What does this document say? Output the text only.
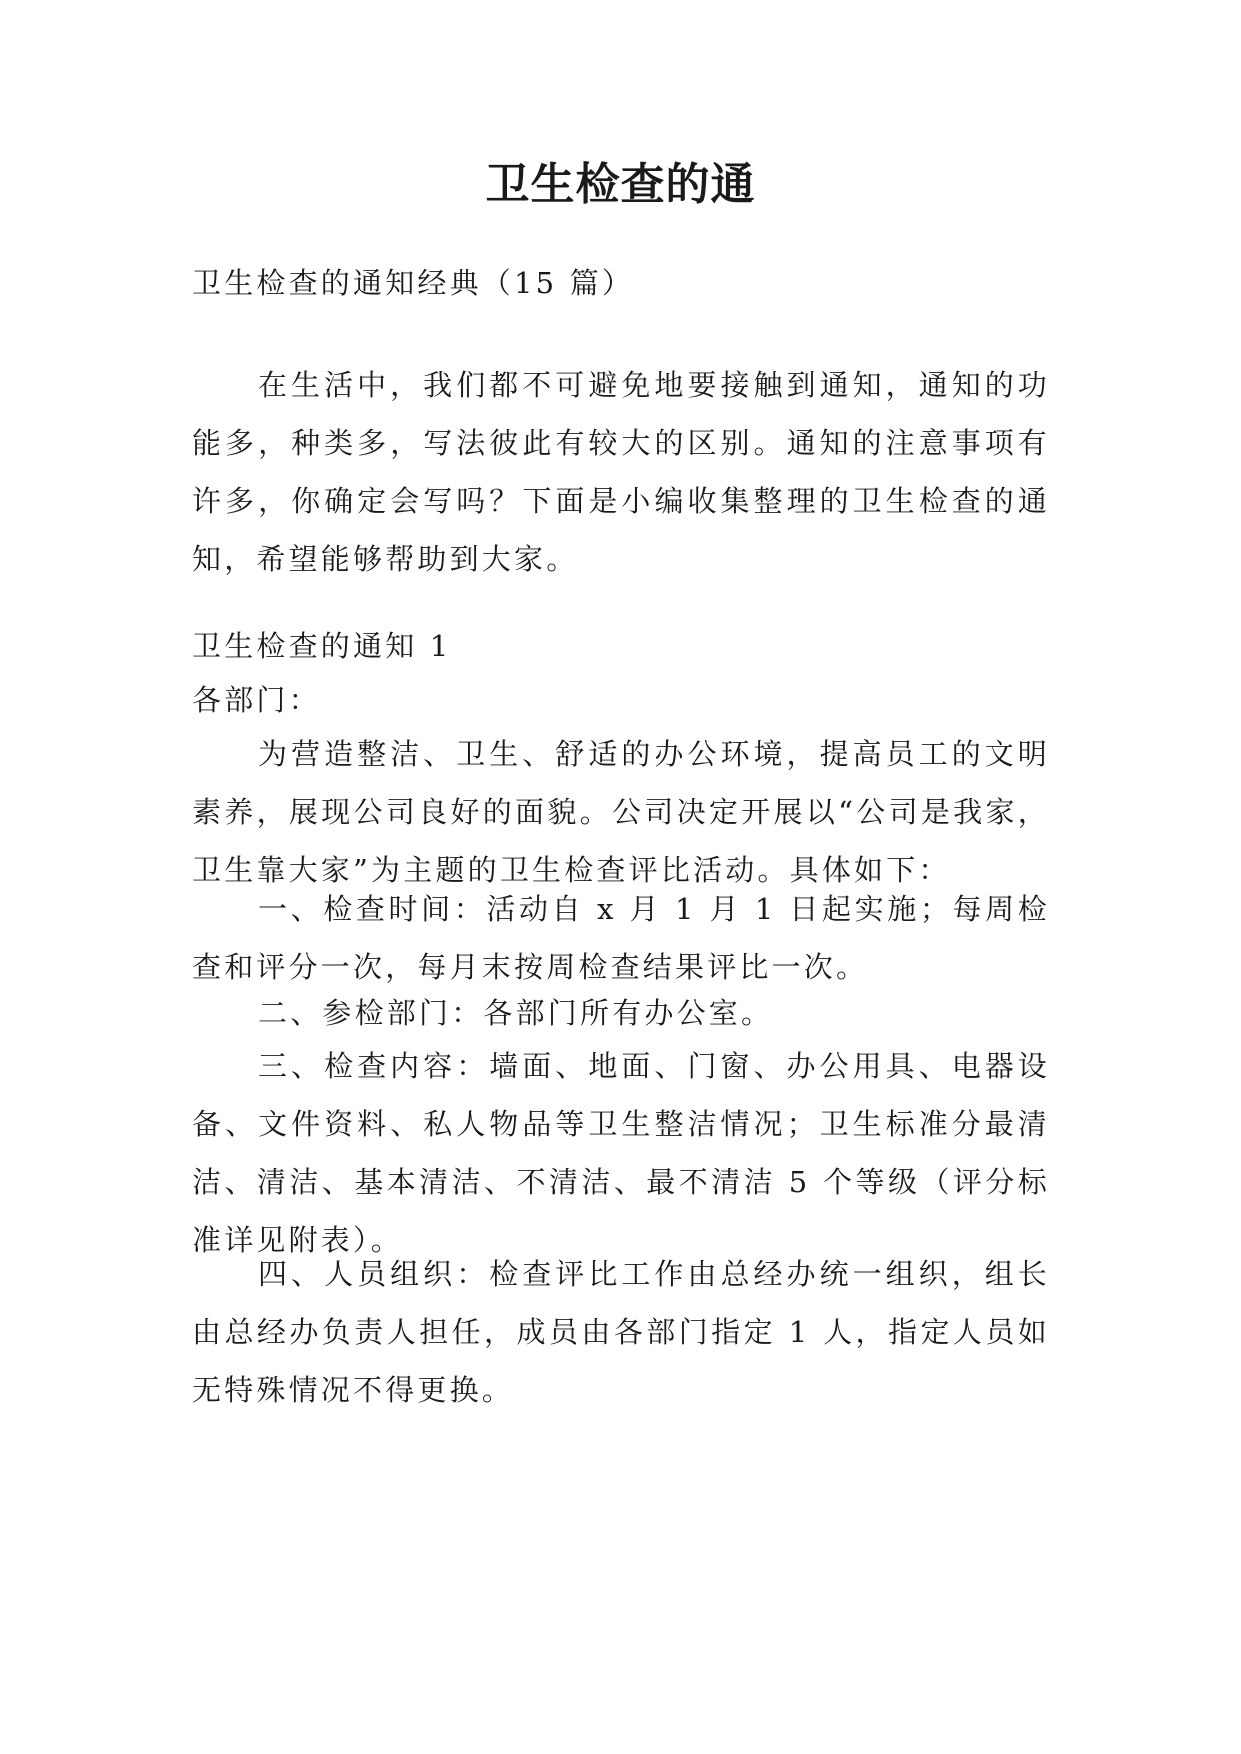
卫生检查的通

卫生检查的通知经典（15 篇）

在生活中，我们都不可避免地要接触到通知，通知的功能多，种类多，写法彼此有较大的区别。通知的注意事项有许多，你确定会写吗？下面是小编收集整理的卫生检查的通知，希望能够帮助到大家。

卫生检查的通知 1

各部门：

为营造整洁、卫生、舒适的办公环境，提高员工的文明素养，展现公司良好的面貌。公司决定开展以“公司是我家，卫生靠大家”为主题的卫生检查评比活动。具体如下：

一、检查时间：活动自 x 月 1 月 1 日起实施；每周检查和评分一次，每月末按周检查结果评比一次。

二、参检部门：各部门所有办公室。

三、检查内容：墙面、地面、门窗、办公用具、电器设备、文件资料、私人物品等卫生整洁情况；卫生标准分最清洁、清洁、基本清洁、不清洁、最不清洁 5 个等级（评分标准详见附表）。

四、人员组织：检查评比工作由总经办统一组织，组长由总经办负责人担任，成员由各部门指定 1 人，指定人员如无特殊情况不得更换。
